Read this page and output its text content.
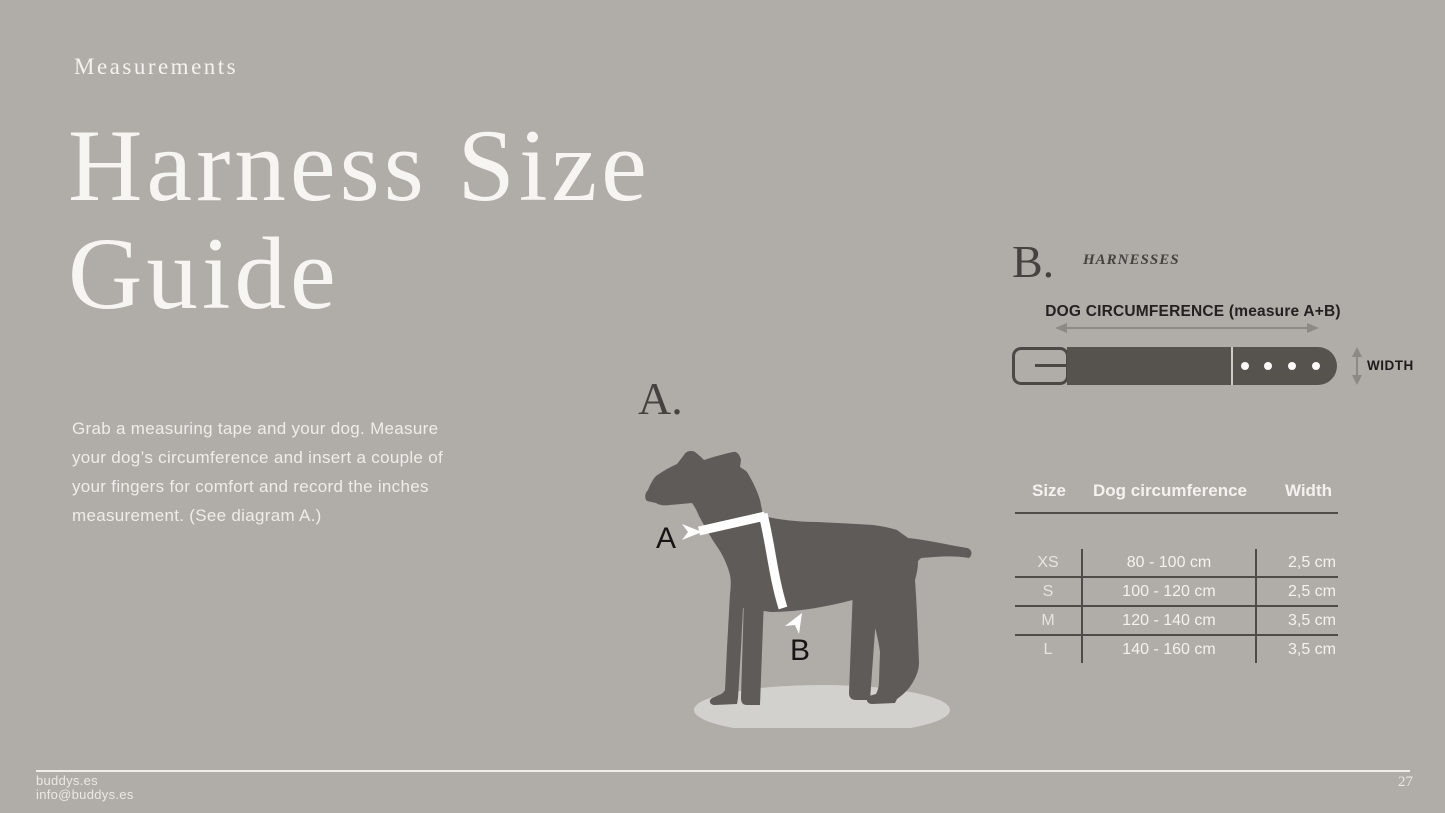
Measurements
Harness Size
Guide
Grab a measuring tape and your dog. Measure your dog’s circumference and insert a couple of your fingers for comfort and record the inches measurement. (See diagram A.)
A.
A
B
B. HARNESSES
DOG CIRCUMFERENCE (measure A+B)
WIDTH
Size	Dog circumference	Width
XS	80 - 100 cm	2,5 cm
S	100 - 120 cm	2,5 cm
M	120 - 140 cm	3,5 cm
L	140 - 160 cm	3,5 cm
buddys.es
info@buddys.es
27
